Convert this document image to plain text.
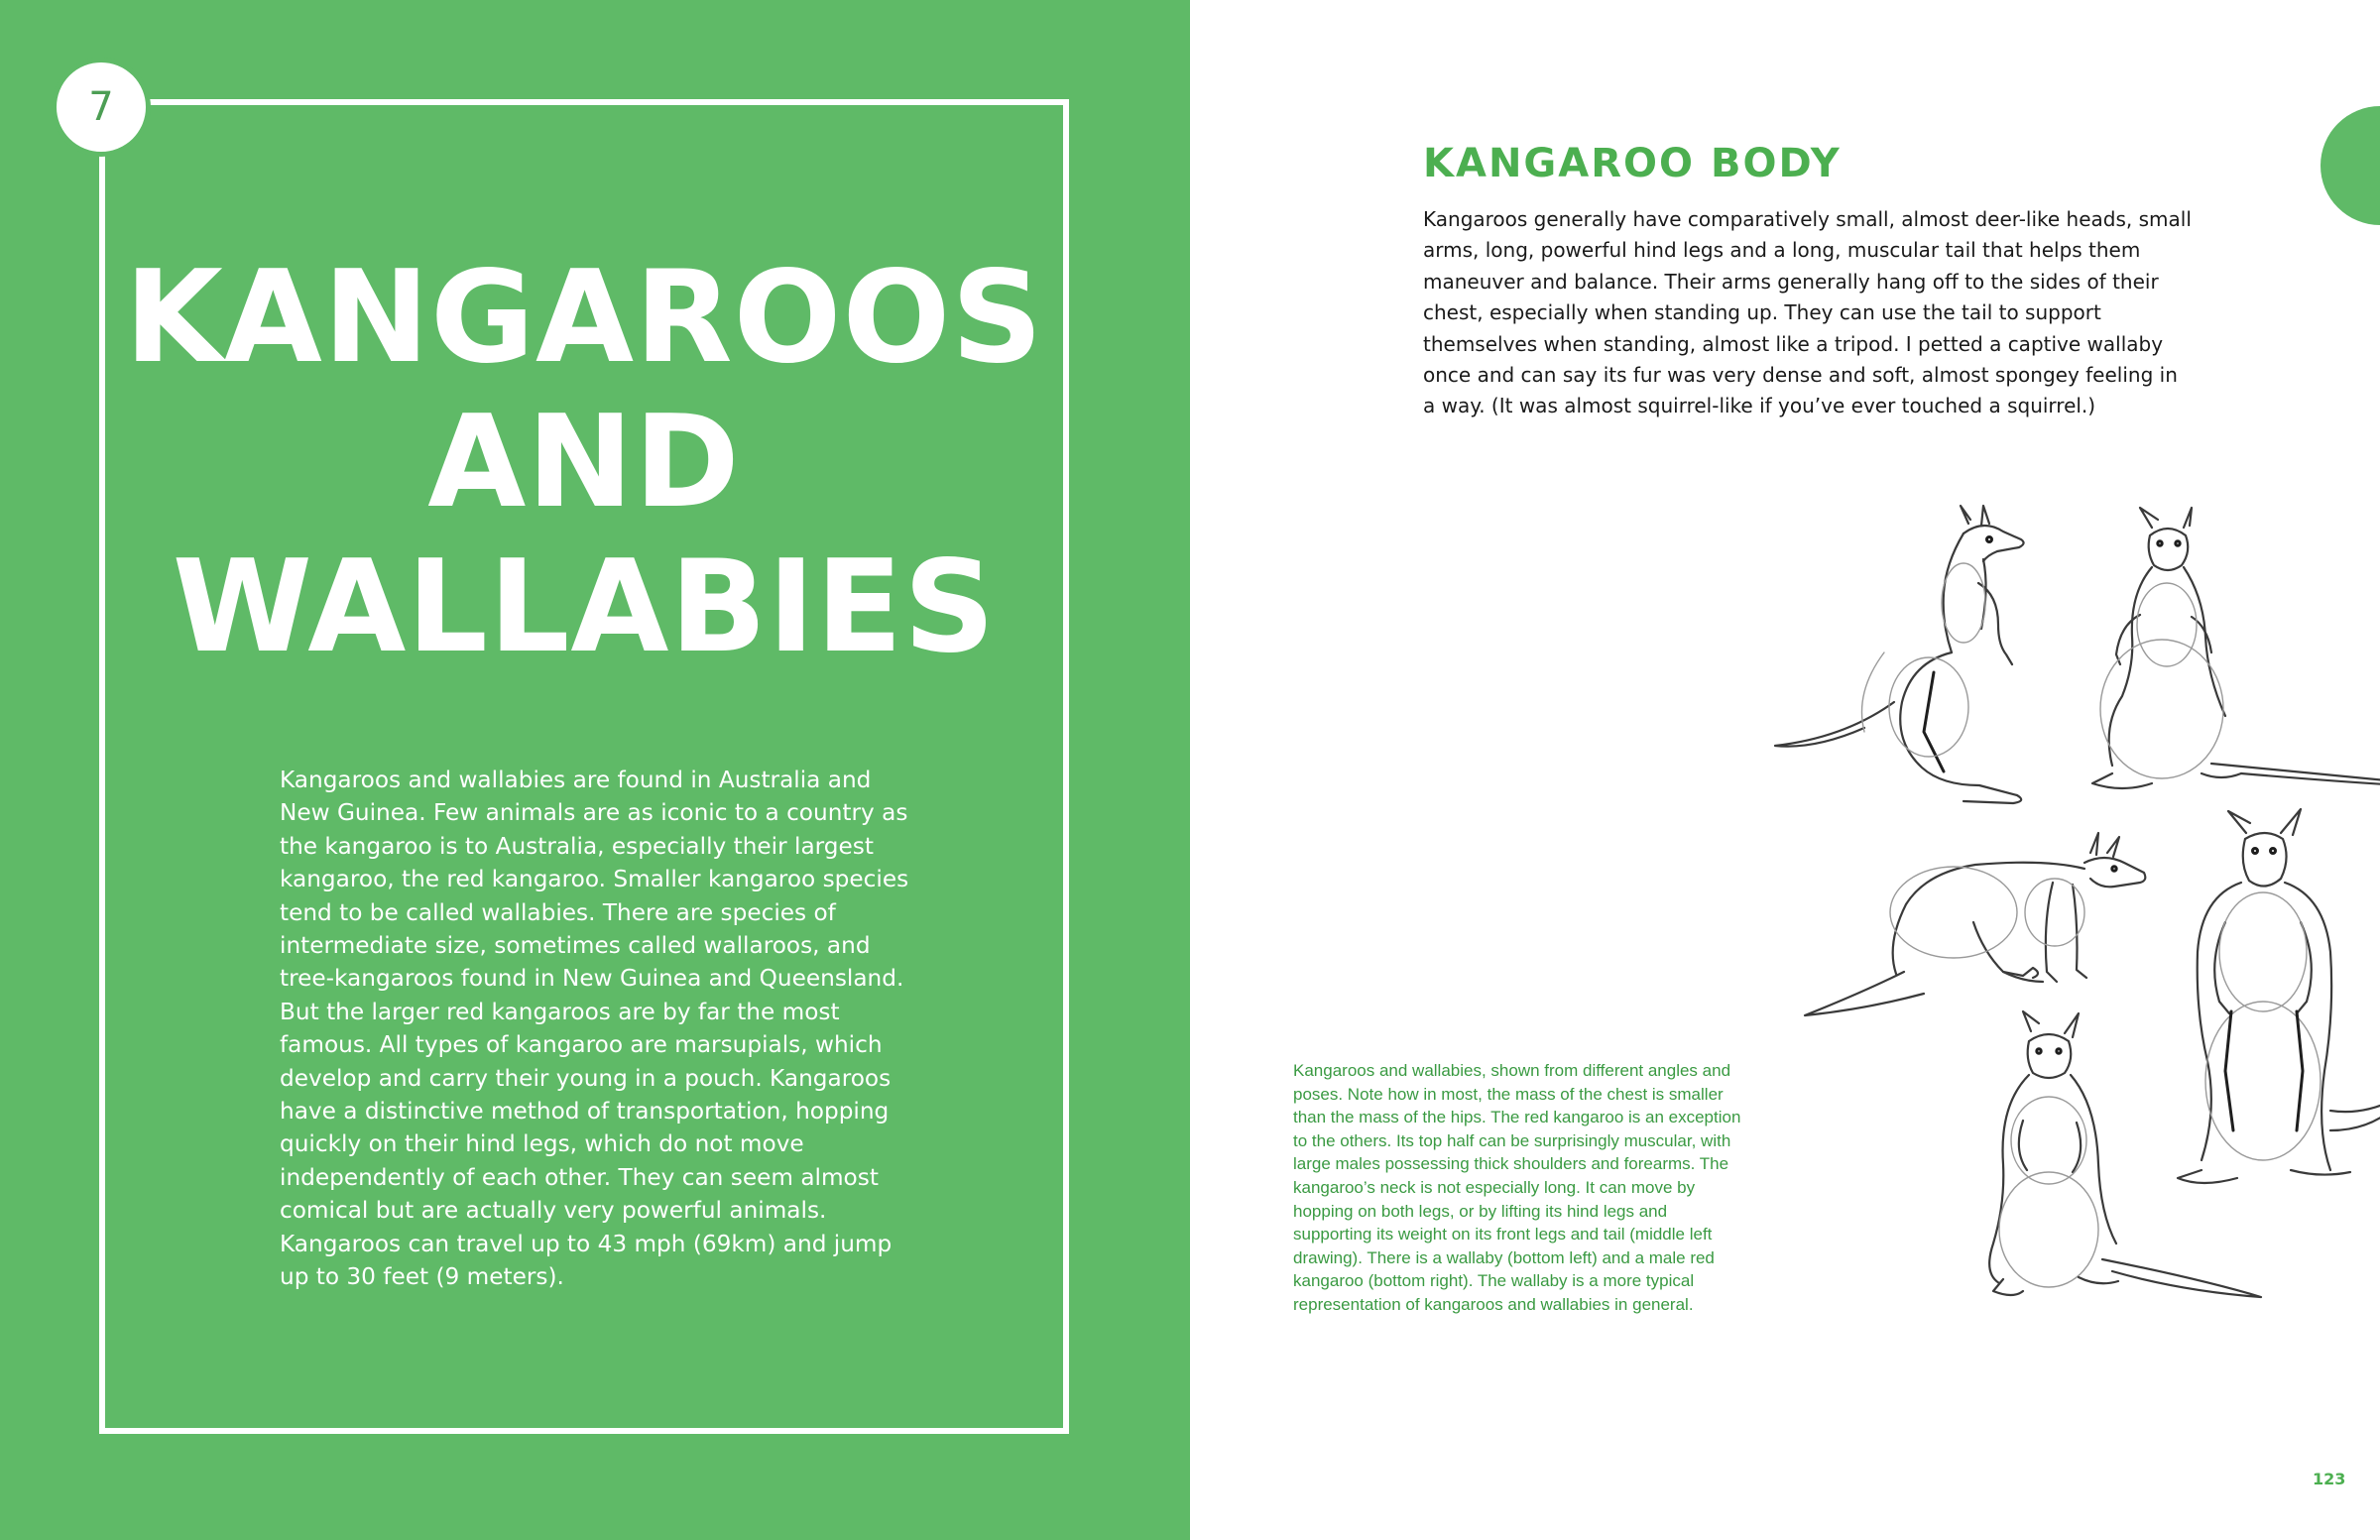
7
KANGAROOS
AND
WALLABIES

Kangaroos and wallabies are found in Australia and New Guinea. Few animals are as iconic to a country as the kangaroo is to Australia, especially their largest kangaroo, the red kangaroo. Smaller kangaroo species tend to be called wallabies. There are species of intermediate size, sometimes called wallaroos, and tree-kangaroos found in New Guinea and Queensland. But the larger red kangaroos are by far the most famous. All types of kangaroo are marsupials, which develop and carry their young in a pouch. Kangaroos have a distinctive method of transportation, hopping quickly on their hind legs, which do not move independently of each other. They can seem almost comical but are actually very powerful animals. Kangaroos can travel up to 43 mph (69km) and jump up to 30 feet (9 meters).

KANGAROO BODY

Kangaroos generally have comparatively small, almost deer-like heads, small arms, long, powerful hind legs and a long, muscular tail that helps them maneuver and balance. Their arms generally hang off to the sides of their chest, especially when standing up. They can use the tail to support themselves when standing, almost like a tripod. I petted a captive wallaby once and can say its fur was very dense and soft, almost spongey feeling in a way. (It was almost squirrel-like if you’ve ever touched a squirrel.)

Kangaroos and wallabies, shown from different angles and poses. Note how in most, the mass of the chest is smaller than the mass of the hips. The red kangaroo is an exception to the others. Its top half can be surprisingly muscular, with large males possessing thick shoulders and forearms. The kangaroo’s neck is not especially long. It can move by hopping on both legs, or by lifting its hind legs and supporting its weight on its front legs and tail (middle left drawing). There is a wallaby (bottom left) and a male red kangaroo (bottom right). The wallaby is a more typical representation of kangaroos and wallabies in general.

123
